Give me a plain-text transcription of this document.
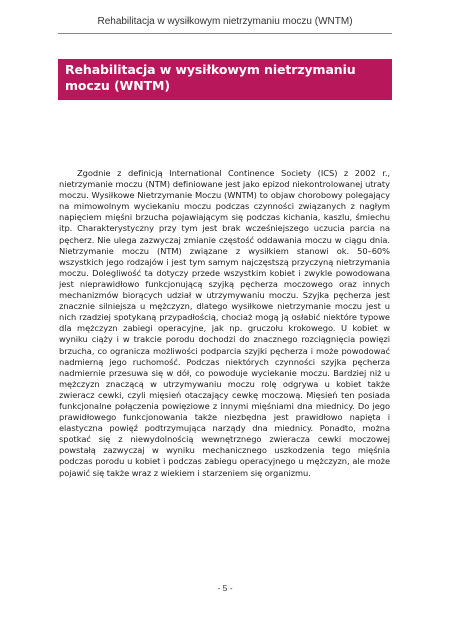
Rehabilitacja w wysiłkowym nietrzymaniu moczu (WNTM)
Rehabilitacja w wysiłkowym nietrzymaniu moczu (WNTM)

Zgodnie z definicją International Continence Society (ICS) z 2002 r., nietrzymanie moczu (NTM) definiowane jest jako epizod niekontrolowanej utraty moczu. Wysiłkowe Nietrzymanie Moczu (WNTM) to objaw chorobowy polegający na mimowolnym wyciekaniu moczu podczas czynności związanych z nagłym napięciem mięśni brzucha pojawiającym się podczas kichania, kaszlu, śmiechu itp. Charakterystyczny przy tym jest brak wcześniejszego uczucia parcia na pęcherz. Nie ulega zazwyczaj zmianie częstość oddawania moczu w ciągu dnia. Nietrzymanie moczu (NTM) związane z wysiłkiem stanowi ok. 50–60% wszystkich jego rodzajów i jest tym samym najczęstszą przyczyną nietrzymania moczu. Dolegliwość ta dotyczy przede wszystkim kobiet i zwykle powodowana jest nieprawidłowo funkcjonującą szyjką pęcherza moczowego oraz innych mechanizmów biorących udział w utrzymywaniu moczu. Szyjka pęcherza jest znacznie silniejsza u mężczyzn, dlatego wysiłkowe nietrzymanie moczu jest u nich rzadziej spotykaną przypadłością, chociaż mogą ją osłabić niektóre typowe dla mężczyzn zabiegi operacyjne, jak np. gruczołu krokowego. U kobiet w wyniku ciąży i w trakcie porodu dochodzi do znacznego rozciągnięcia powięzi brzucha, co ogranicza możliwości podparcia szyjki pęcherza i może powodować nadmierną jego ruchomość. Podczas niektórych czynności szyjka pęcherza nadmiernie przesuwa się w dół, co powoduje wyciekanie moczu. Bardziej niż u mężczyzn znaczącą w utrzymywaniu moczu rolę odgrywa u kobiet także zwieracz cewki, czyli mięsień otaczający cewkę moczową. Mięsień ten posiada funkcjonalne połączenia powięziowe z innymi mięśniami dna miednicy. Do jego prawidłowego funkcjonowania także niezbędna jest prawidłowo napięta i elastyczna powięź podtrzymująca narządy dna miednicy. Ponadto, można spotkać się z niewydolnością wewnętrznego zwieracza cewki moczowej powstałą zazwyczaj w wyniku mechanicznego uszkodzenia tego mięśnia podczas porodu u kobiet i podczas zabiegu operacyjnego u mężczyzn, ale może pojawić się także wraz z wiekiem i starzeniem się organizmu.

- 5 -
